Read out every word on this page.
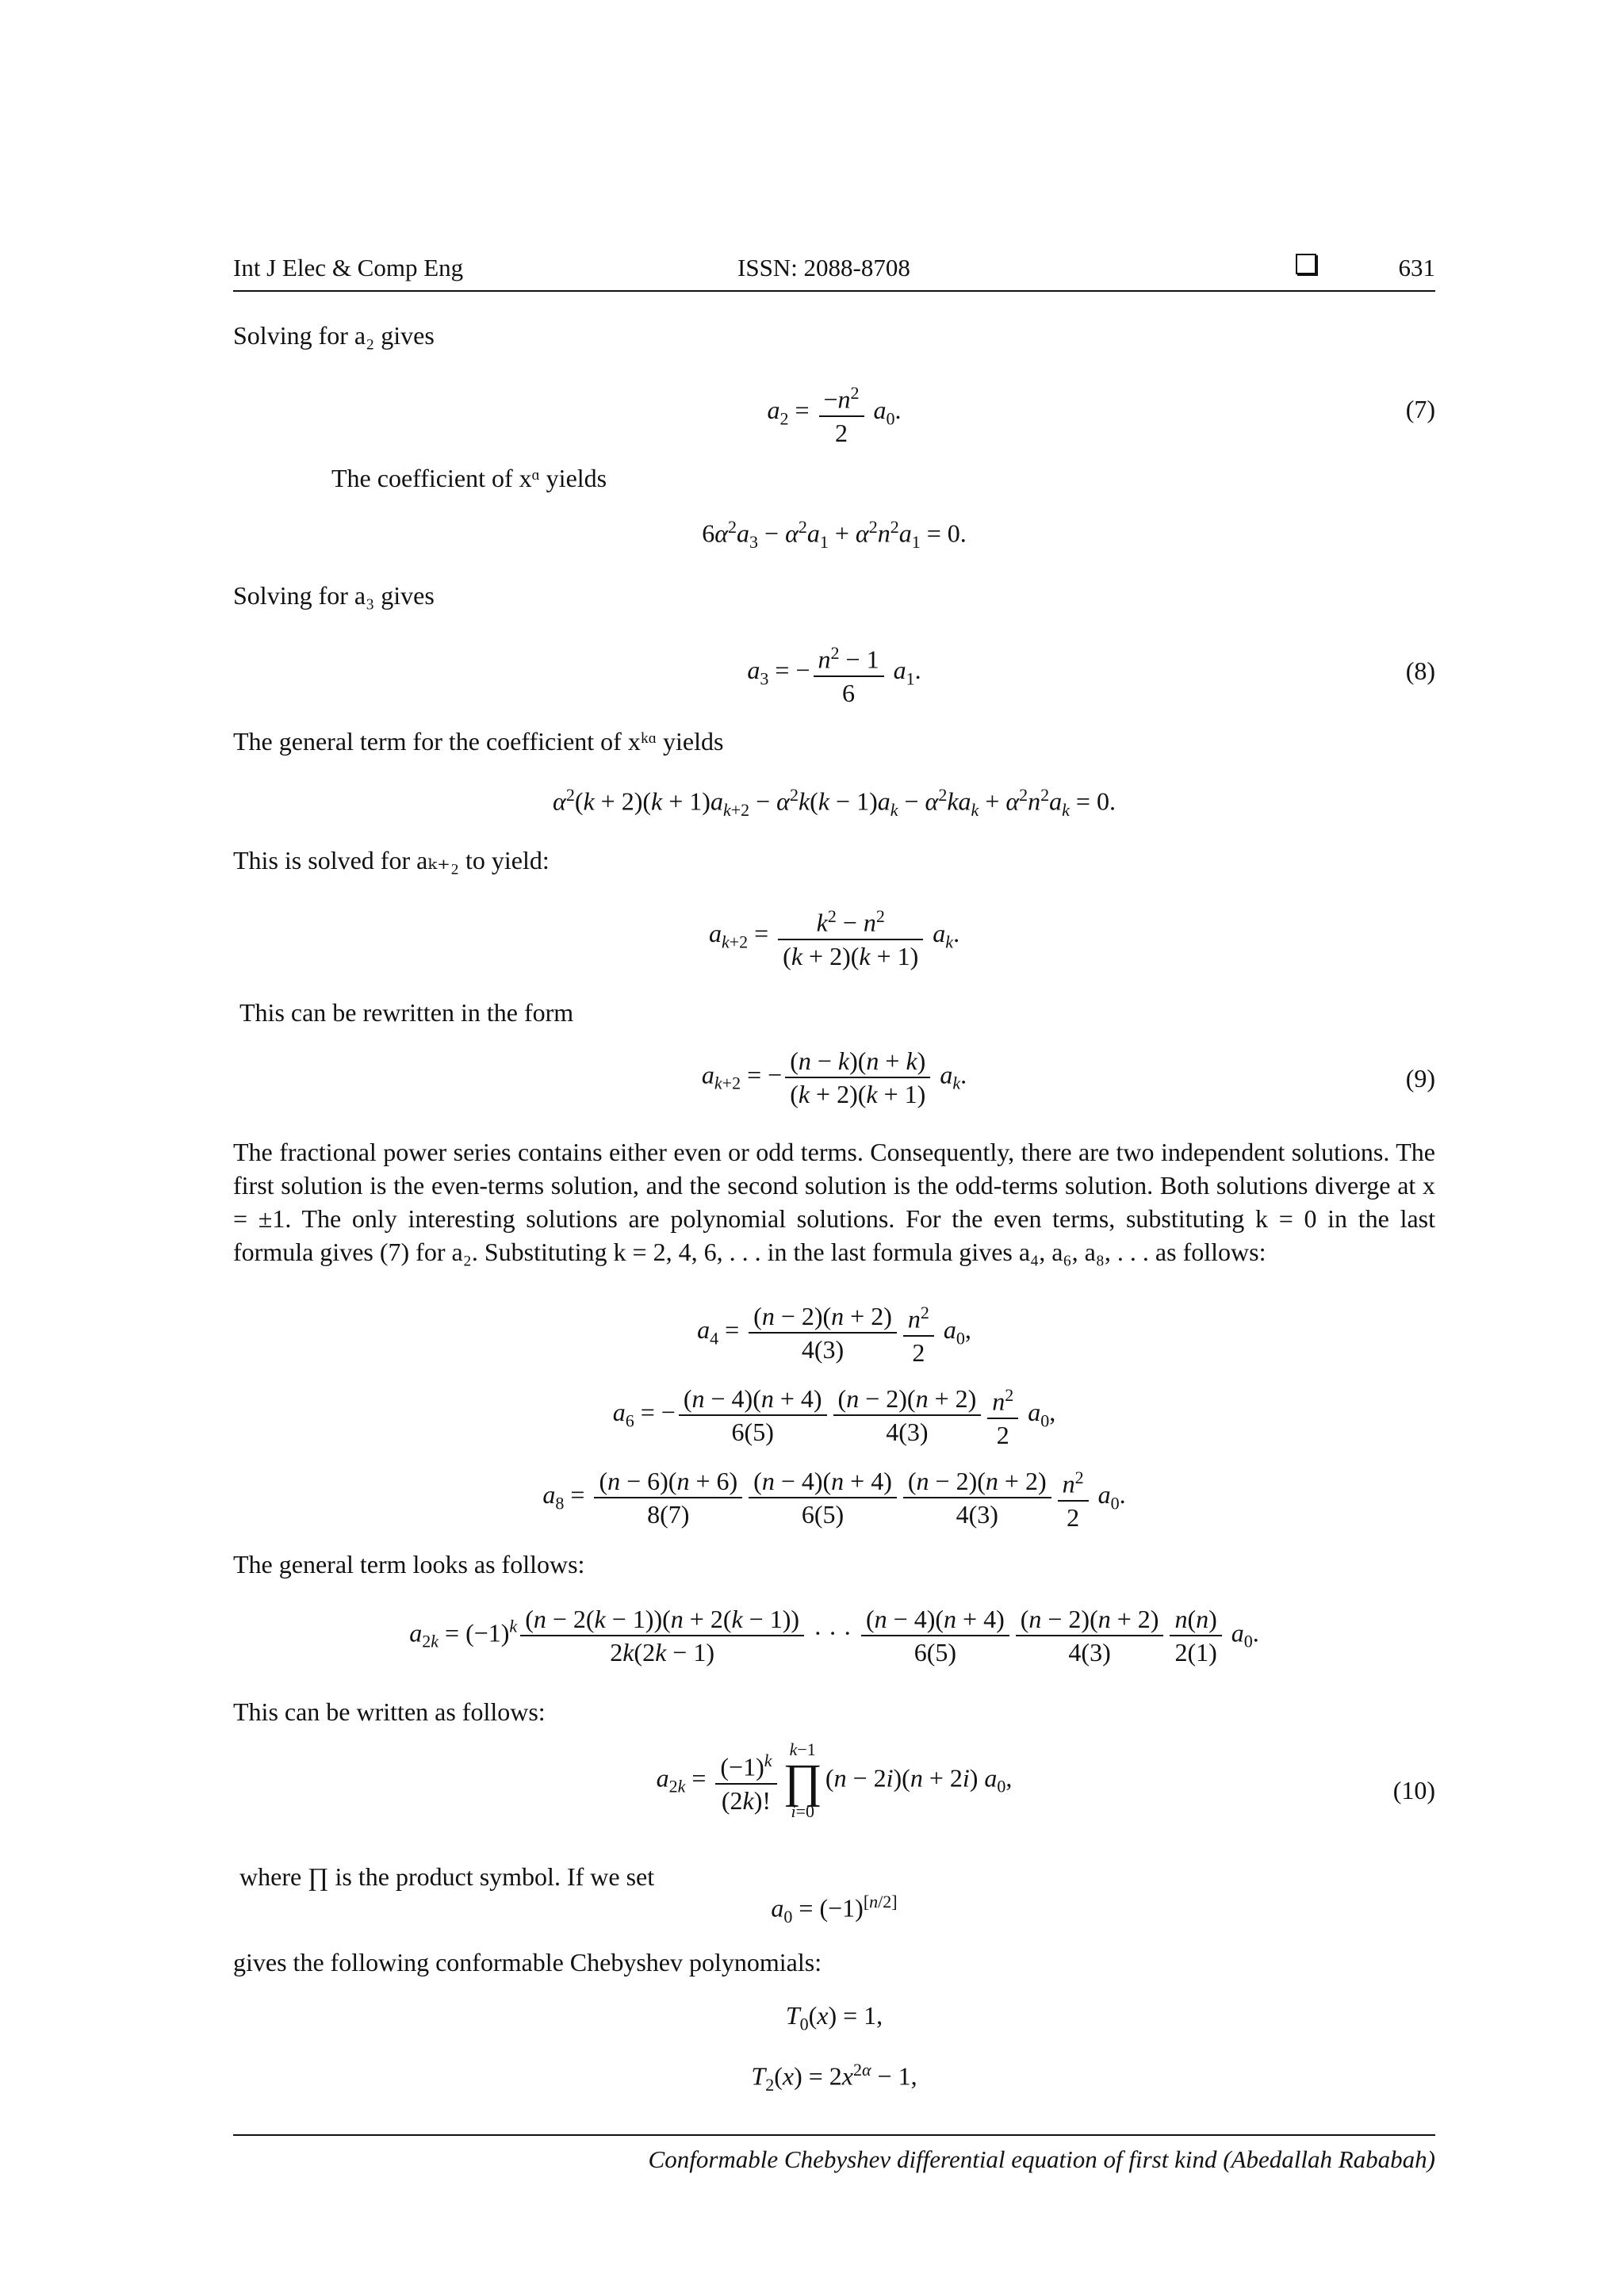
Int J Elec & Comp Eng	ISSN: 2088-8708	631

Solving for a₂ gives

$a_2 = \frac{-n^2}{2} a_0$.	(7)

The coefficient of xᵅ yields

$6\alpha^2a_3 - \alpha^2a_1 + \alpha^2n^2a_1 = 0$.

Solving for a₃ gives

$a_3$ = − $\frac{n^2 - 1}{6} a_1$.	(8)

The general term for the coefficient of xᵏᵅ yields

$\alpha^2(k + 2)(k + 1)a_{k+2} - \alpha^2k(k - 1)a_k - \alpha^2ka_k + \alpha^2n^2a_k = 0$.

This is solved for aₖ₊₂ to yield:

$a_{k+2} = \frac{k^2 - n^2}{(k + 2)(k + 1)} a_k$.

This can be rewritten in the form

$a_{k+2}$ = − $\frac{(n - k)(n + k)}{(k + 2)(k + 1)} a_k$.	(9)

The fractional power series contains either even or odd terms. Consequently, there are two independent solutions. The first solution is the even-terms solution, and the second solution is the odd-terms solution. Both solutions diverge at x = ±1. The only interesting solutions are polynomial solutions. For the even terms, substituting k = 0 in the last formula gives (7) for a₂. Substituting k = 2, 4, 6, . . . in the last formula gives a₄, a₆, a₈, . . . as follows:

$a_4 = \frac{(n - 2)(n + 2)}{4(3)} \frac{n^2}{2} a_0$,
$a_6$ = − $\frac{(n - 4)(n + 4)}{6(5)} \frac{(n - 2)(n + 2)}{4(3)} \frac{n^2}{2} a_0$,
$a_8 = \frac{(n - 6)(n + 6)}{8(7)} \frac{(n - 4)(n + 4)}{6(5)} \frac{(n - 2)(n + 2)}{4(3)} \frac{n^2}{2} a_0$.

The general term looks as follows:

$a_{2k} = (-1)^k \frac{(n - 2(k - 1))(n + 2(k - 1))}{2k(2k - 1)}$ · · · $\frac{(n - 4)(n + 4)}{6(5)} \frac{(n - 2)(n + 2)}{4(3)} \frac{n(n)}{2(1)} a_0$.

This can be written as follows:

$a_{2k} = \frac{(-1)^k}{(2k)!} k-1$
∏
i=0
(n − 2i)(n + 2i) $a_0$,	(10)

where ∏ is the product symbol. If we set

$a_0 = (-1)[n/2]$

gives the following conformable Chebyshev polynomials:

$T_0(x) = 1$,
$T_2(x) = 2x^{2\alpha} - 1$,
Conformable Chebyshev differential equation of first kind (Abedallah Rababah)
